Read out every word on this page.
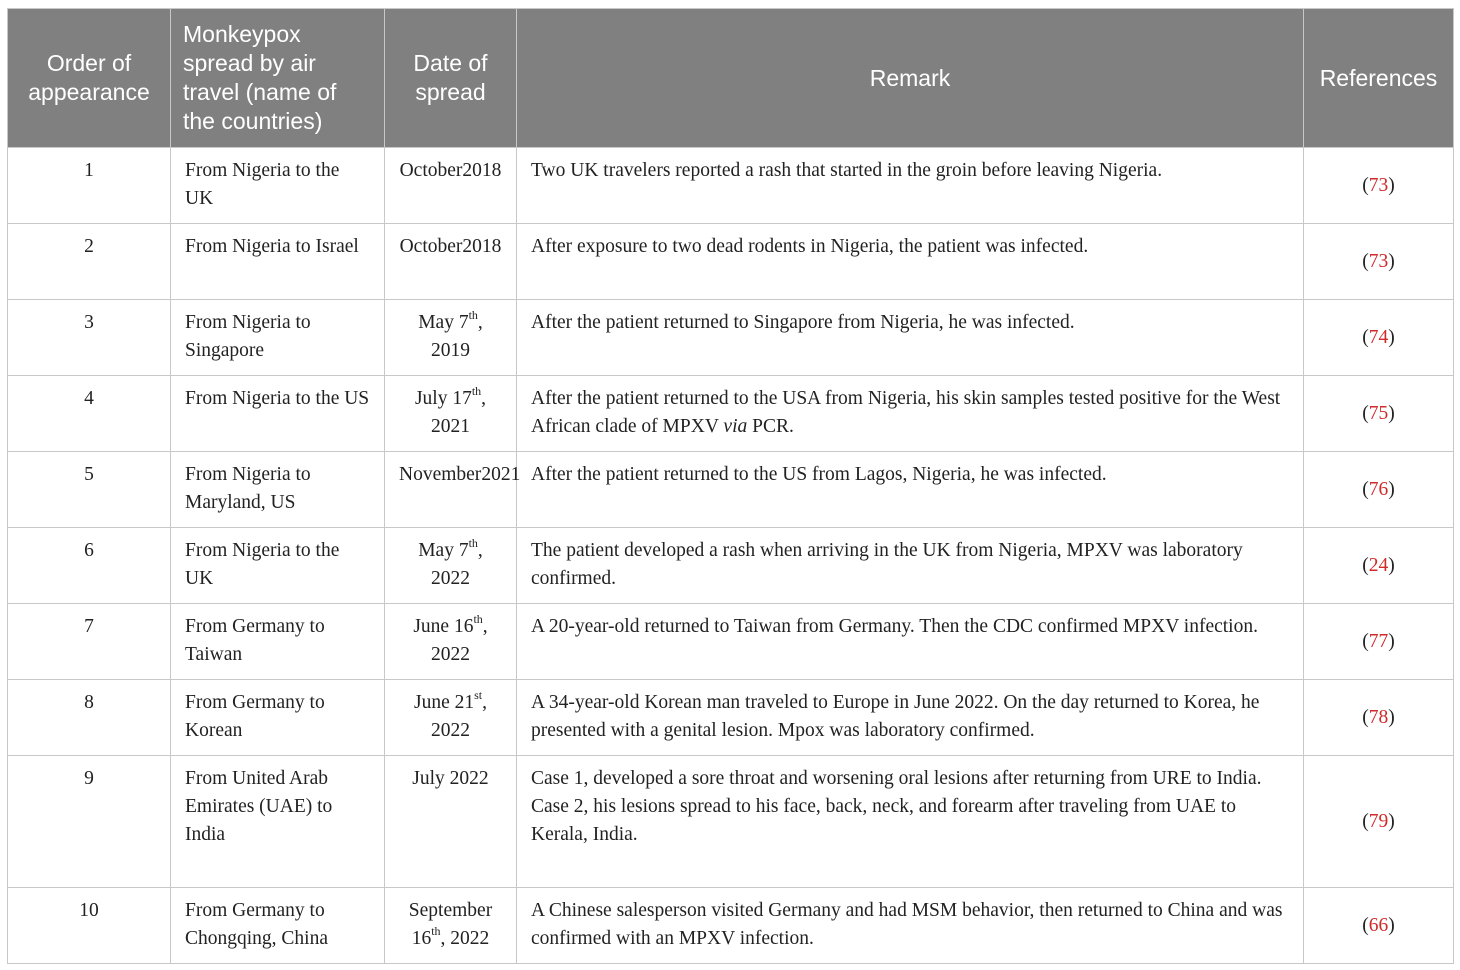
Order of appearance	Monkeypox spread by air travel (name of the countries)	Date of spread	Remark	References
1	From Nigeria to the UK	October2018	Two UK travelers reported a rash that started in the groin before leaving Nigeria.	(73)
2	From Nigeria to Israel	October2018	After exposure to two dead rodents in Nigeria, the patient was infected.	(73)
3	From Nigeria to Singapore	May 7th, 2019	After the patient returned to Singapore from Nigeria, he was infected.	(74)
4	From Nigeria to the US	July 17th, 2021	After the patient returned to the USA from Nigeria, his skin samples tested positive for the West African clade of MPXV via PCR.	(75)
5	From Nigeria to Maryland, US	November2021	After the patient returned to the US from Lagos, Nigeria, he was infected.	(76)
6	From Nigeria to the UK	May 7th, 2022	The patient developed a rash when arriving in the UK from Nigeria, MPXV was laboratory confirmed.	(24)
7	From Germany to Taiwan	June 16th, 2022	A 20-year-old returned to Taiwan from Germany. Then the CDC confirmed MPXV infection.	(77)
8	From Germany to Korean	June 21st, 2022	A 34-year-old Korean man traveled to Europe in June 2022. On the day returned to Korea, he presented with a genital lesion. Mpox was laboratory confirmed.	(78)
9	From United Arab Emirates (UAE) to India	July 2022	Case 1, developed a sore throat and worsening oral lesions after returning from URE to India.
Case 2, his lesions spread to his face, back, neck, and forearm after traveling from UAE to Kerala, India.	(79)
10	From Germany to Chongqing, China	September 16th, 2022	A Chinese salesperson visited Germany and had MSM behavior, then returned to China and was confirmed with an MPXV infection.	(66)
